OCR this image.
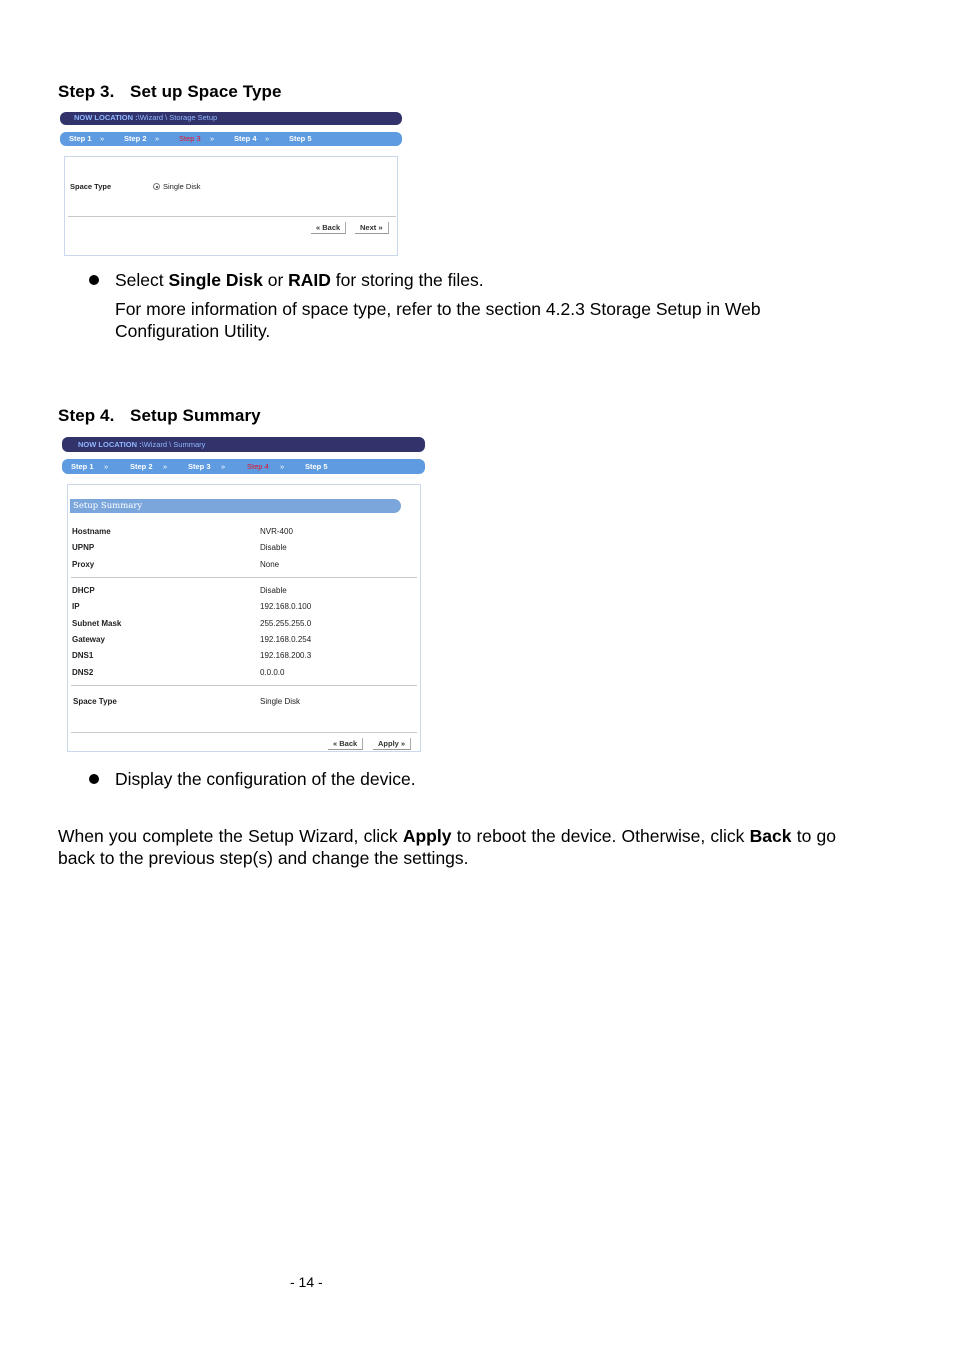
Step 3. Set up Space Type
NOW LOCATION :\Wizard \ Storage Setup
Step 1 »	Step 2 »	Step 3 »	Step 4 »	Step 5
Space Type	Single Disk
« Back	Next »
Select Single Disk or RAID for storing the files.
For more information of space type, refer to the section 4.2.3 Storage Setup in Web Configuration Utility.
Step 4. Setup Summary
NOW LOCATION :\Wizard \ Summary
Step 1 »	Step 2 »	Step 3 »	Step 4 »	Step 5
Setup Summary
Hostname	NVR-400
UPNP	Disable
Proxy	None
DHCP	Disable
IP	192.168.0.100
Subnet Mask	255.255.255.0
Gateway	192.168.0.254
DNS1	192.168.200.3
DNS2	0.0.0.0
Space Type	Single Disk
« Back	Apply »
Display the configuration of the device.
When you complete the Setup Wizard, click Apply to reboot the device. Otherwise, click Back to go back to the previous step(s) and change the settings.
- 14 -
